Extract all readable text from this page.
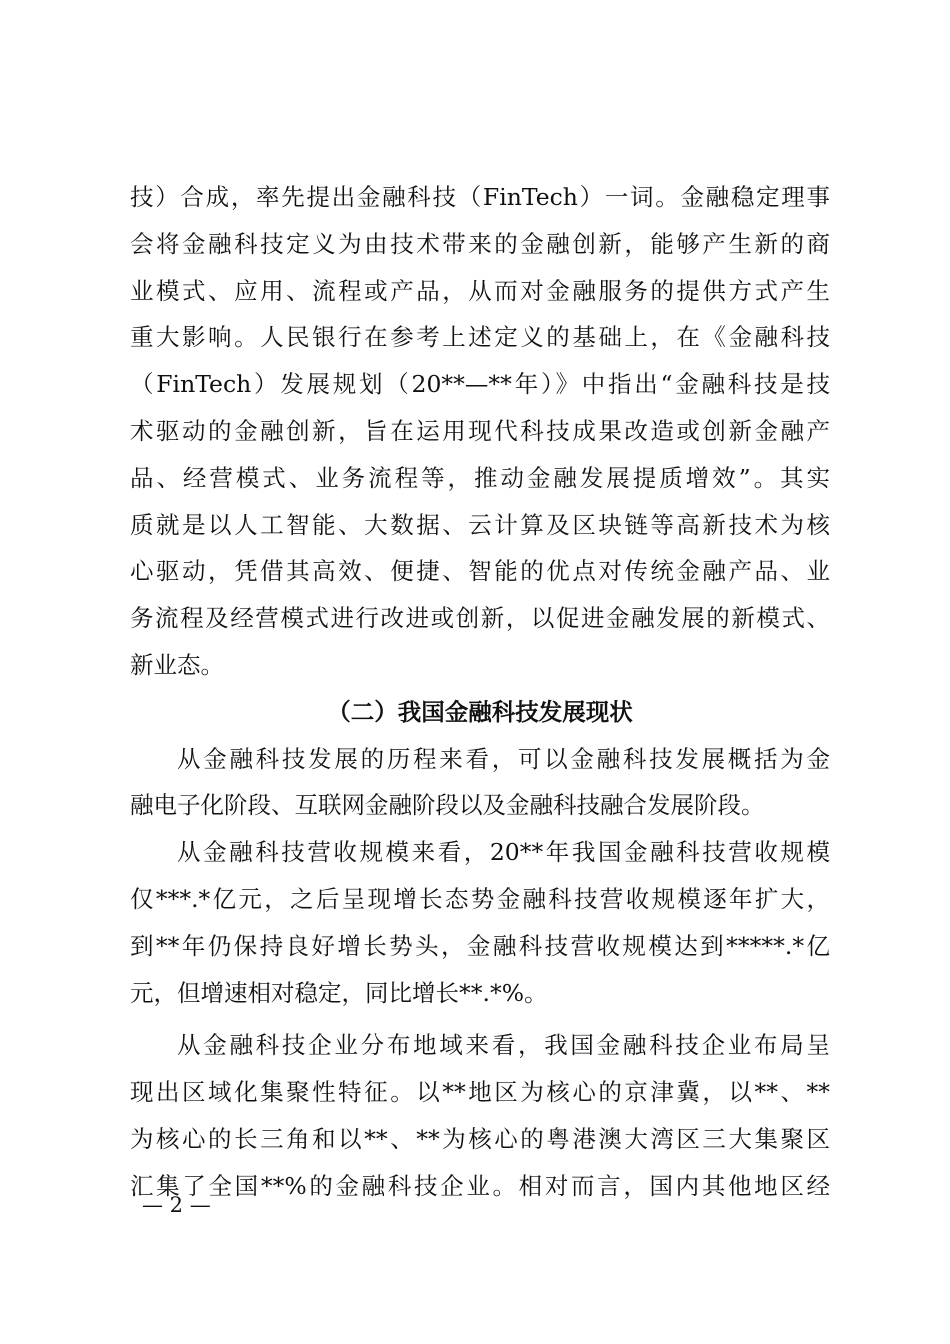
技）合成，率先提出金融科技（FinTech）一词。金融稳定理事
会将金融科技定义为由技术带来的金融创新，能够产生新的商
业模式、应用、流程或产品，从而对金融服务的提供方式产生
重大影响。人民银行在参考上述定义的基础上，在《金融科技
（FinTech）发展规划（20**—**年）》中指出“金融科技是技
术驱动的金融创新，旨在运用现代科技成果改造或创新金融产
品、经营模式、业务流程等，推动金融发展提质增效”。其实
质就是以人工智能、大数据、云计算及区块链等高新技术为核
心驱动，凭借其高效、便捷、智能的优点对传统金融产品、业
务流程及经营模式进行改进或创新，以促进金融发展的新模式、
新业态。
（二）我国金融科技发展现状
从金融科技发展的历程来看，可以金融科技发展概括为金
融电子化阶段、互联网金融阶段以及金融科技融合发展阶段。
从金融科技营收规模来看，20**年我国金融科技营收规模
仅***.*亿元，之后呈现增长态势金融科技营收规模逐年扩大，
到**年仍保持良好增长势头，金融科技营收规模达到*****.*亿
元，但增速相对稳定，同比增长**.*%。
从金融科技企业分布地域来看，我国金融科技企业布局呈
现出区域化集聚性特征。以**地区为核心的京津冀，以**、**
为核心的长三角和以**、**为核心的粤港澳大湾区三大集聚区
汇集了全国**%的金融科技企业。相对而言，国内其他地区经
— 2 —
